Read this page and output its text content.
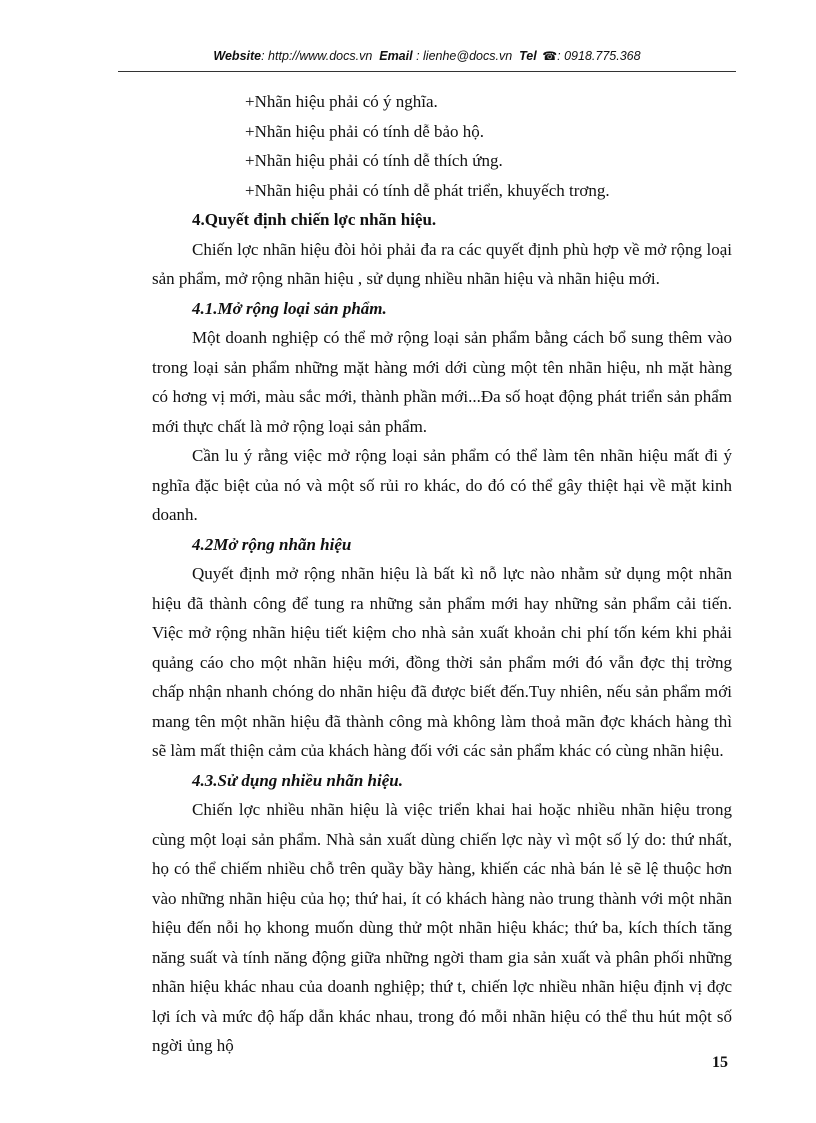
Website: http://www.docs.vn Email : lienhe@docs.vn Tel ☎: 0918.775.368

+Nhãn hiệu phải có ý nghĩa.

+Nhãn hiệu phải có tính dễ bảo hộ.

+Nhãn hiệu phải có tính dễ thích ứng.

+Nhãn hiệu phải có tính dễ phát triển, khuyếch trơng.

4.Quyết định chiến lợc nhãn hiệu.

Chiến lợc nhãn hiệu đòi hỏi phải đa ra các quyết định phù hợp về mở rộng loại sản phẩm, mở rộng nhãn hiệu , sử dụng nhiều nhãn hiệu và nhãn hiệu mới.

4.1.Mở rộng loại sản phẩm.

Một doanh nghiệp có thể mở rộng loại sản phẩm bằng cách bổ sung thêm vào trong loại sản phẩm những mặt hàng mới dới cùng một tên nhãn hiệu, nh mặt hàng có hơng vị mới, màu sắc mới, thành phần mới...Đa số hoạt động phát triển sản phẩm mới thực chất là mở rộng loại sản phẩm.

Cần lu ý rằng việc mở rộng loại sản phẩm có thể làm tên nhãn hiệu mất đi ý nghĩa đặc biệt của nó và một số rủi ro khác, do đó có thể gây thiệt hại về mặt kinh doanh.

4.2Mở rộng nhãn hiệu

Quyết định mở rộng nhãn hiệu là bất kì nỗ lực nào nhằm sử dụng một nhãn hiệu đã thành công để tung ra những sản phẩm mới hay những sản phẩm cải tiến. Việc mở rộng nhãn hiệu tiết kiệm cho nhà sản xuất khoản chi phí tốn kém khi phải quảng cáo cho một nhãn hiệu mới, đồng thời sản phẩm mới đó vẫn đợc thị trờng chấp nhận nhanh chóng do nhãn hiệu đã được biết đến.Tuy nhiên, nếu sản phẩm mới mang tên một nhãn hiệu đã thành công mà không làm thoả mãn đợc khách hàng thì sẽ làm mất thiện cảm của khách hàng đối với các sản phẩm khác có cùng nhãn hiệu.

4.3.Sử dụng nhiều nhãn hiệu.

Chiến lợc nhiều nhãn hiệu là việc triển khai hai hoặc nhiều nhãn hiệu trong cùng một loại sản phẩm. Nhà sản xuất dùng chiến lợc này vì một số lý do: thứ nhất, họ có thể chiếm nhiều chỗ trên quầy bầy hàng, khiến các nhà bán lẻ sẽ lệ thuộc hơn vào những nhãn hiệu của họ; thứ hai, ít có khách hàng nào trung thành với một nhãn hiệu đến nỗi họ khong muốn dùng thử một nhãn hiệu khác; thứ ba, kích thích tăng năng suất và tính năng động giữa những ngời tham gia sản xuất và phân phối những nhãn hiệu khác nhau của doanh nghiệp; thứ t, chiến lợc nhiều nhãn hiệu định vị đợc lợi ích và mức độ hấp dẫn khác nhau, trong đó mỗi nhãn hiệu có thể thu hút một số ngời ủng hộ

15
